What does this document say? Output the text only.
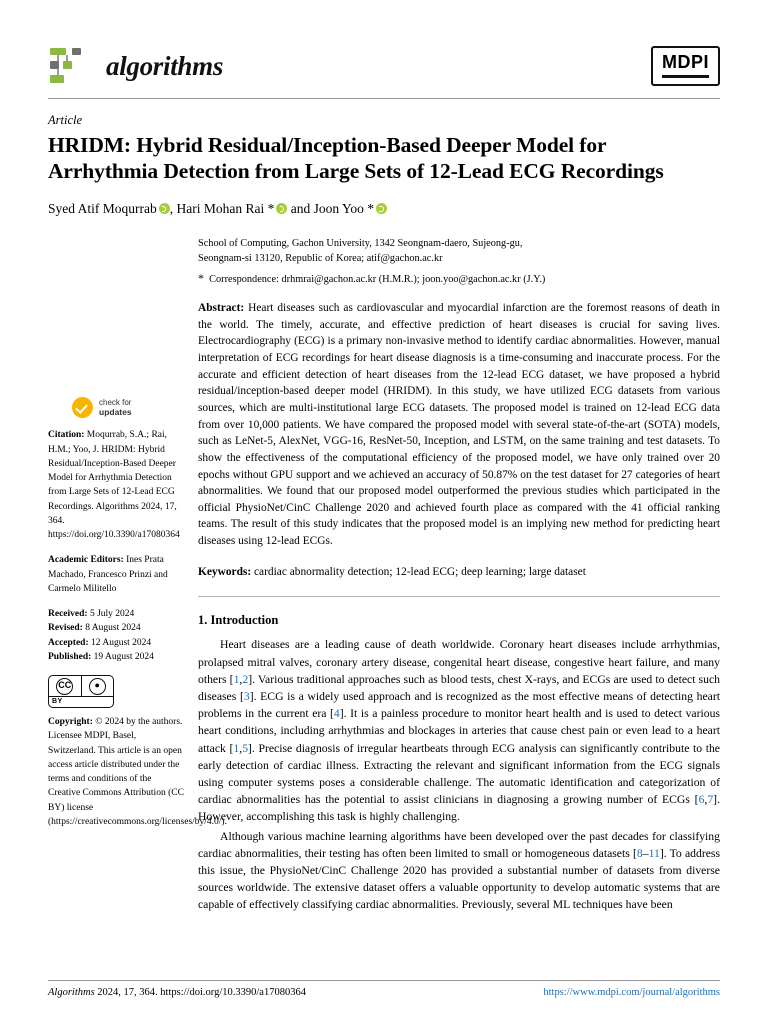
algorithms	MDPI
Article
HRIDM: Hybrid Residual/Inception-Based Deeper Model for Arrhythmia Detection from Large Sets of 12-Lead ECG Recordings
Syed Atif Moqurrab , Hari Mohan Rai * and Joon Yoo *
check for
updates
Citation: Moqurrab, S.A.; Rai, H.M.; Yoo, J. HRIDM: Hybrid Residual/Inception-Based Deeper Model for Arrhythmia Detection from Large Sets of 12-Lead ECG Recordings. Algorithms 2024, 17, 364. https://doi.org/10.3390/a17080364
Academic Editors: Ines Prata Machado, Francesco Prinzi and Carmelo Militello
Received: 5 July 2024
Revised: 8 August 2024
Accepted: 12 August 2024
Published: 19 August 2024
CC	●
BY
Copyright: © 2024 by the authors. Licensee MDPI, Basel, Switzerland. This article is an open access article distributed under the terms and conditions of the Creative Commons Attribution (CC BY) license (https://creativecommons.org/licenses/by/4.0/).
School of Computing, Gachon University, 1342 Seongnam-daero, Sujeong-gu,
Seongnam-si 13120, Republic of Korea; atif@gachon.ac.kr
* Correspondence: drhmrai@gachon.ac.kr (H.M.R.); joon.yoo@gachon.ac.kr (J.Y.)
Abstract: Heart diseases such as cardiovascular and myocardial infarction are the foremost reasons of death in the world. The timely, accurate, and effective prediction of heart diseases is crucial for saving lives. Electrocardiography (ECG) is a primary non-invasive method to identify cardiac abnormalities. However, manual interpretation of ECG recordings for heart disease diagnosis is a time-consuming and inaccurate process. For the accurate and efficient detection of heart diseases from the 12-lead ECG dataset, we have proposed a hybrid residual/inception-based deeper model (HRIDM). In this study, we have utilized ECG datasets from various sources, which are multi-institutional large ECG datasets. The proposed model is trained on 12-lead ECG data from over 10,000 patients. We have compared the proposed model with several state-of-the-art (SOTA) models, such as LeNet-5, AlexNet, VGG-16, ResNet-50, Inception, and LSTM, on the same training and test datasets. To show the effectiveness of the computational efficiency of the proposed model, we have only trained over 20 epochs without GPU support and we achieved an accuracy of 50.87% on the test dataset for 27 categories of heart abnormalities. We found that our proposed model outperformed the previous studies which participated in the official PhysioNet/CinC Challenge 2020 and achieved fourth place as compared with the 41 official ranking teams. The result of this study indicates that the proposed model is an implying new method for predicting heart diseases using 12-lead ECGs.
Keywords: cardiac abnormality detection; 12-lead ECG; deep learning; large dataset
1. Introduction

Heart diseases are a leading cause of death worldwide. Coronary heart diseases include arrhythmias, prolapsed mitral valves, coronary artery disease, congenital heart disease, congestive heart failure, and many others [1,2]. Various traditional approaches such as blood tests, chest X-rays, and ECGs are used to detect such diseases [3]. ECG is a widely used approach and is recognized as the most effective means of detecting heart problems in the current era [4]. It is a painless procedure to monitor heart health and is used to detect various heart conditions, including arrhythmias and blockages in arteries that cause chest pain or even lead to a heart attack [1,5]. Precise diagnosis of irregular heartbeats through ECG analysis can significantly contribute to the early detection of cardiac illness. Extracting the relevant and significant information from the ECG signals using computer systems poses a considerable challenge. The automatic identification and categorization of cardiac abnormalities has the potential to assist clinicians in diagnosing a growing number of ECGs [6,7]. However, accomplishing this task is highly challenging.

Although various machine learning algorithms have been developed over the past decades for classifying cardiac abnormalities, their testing has often been limited to small or homogeneous datasets [8–11]. To address this issue, the PhysioNet/CinC Challenge 2020 has provided a substantial number of datasets from diverse sources worldwide. The extensive dataset offers a valuable opportunity to develop automatic systems that are capable of effectively classifying cardiac abnormalities. Previously, several ML techniques have been

Algorithms 2024, 17, 364. https://doi.org/10.3390/a17080364	https://www.mdpi.com/journal/algorithms
